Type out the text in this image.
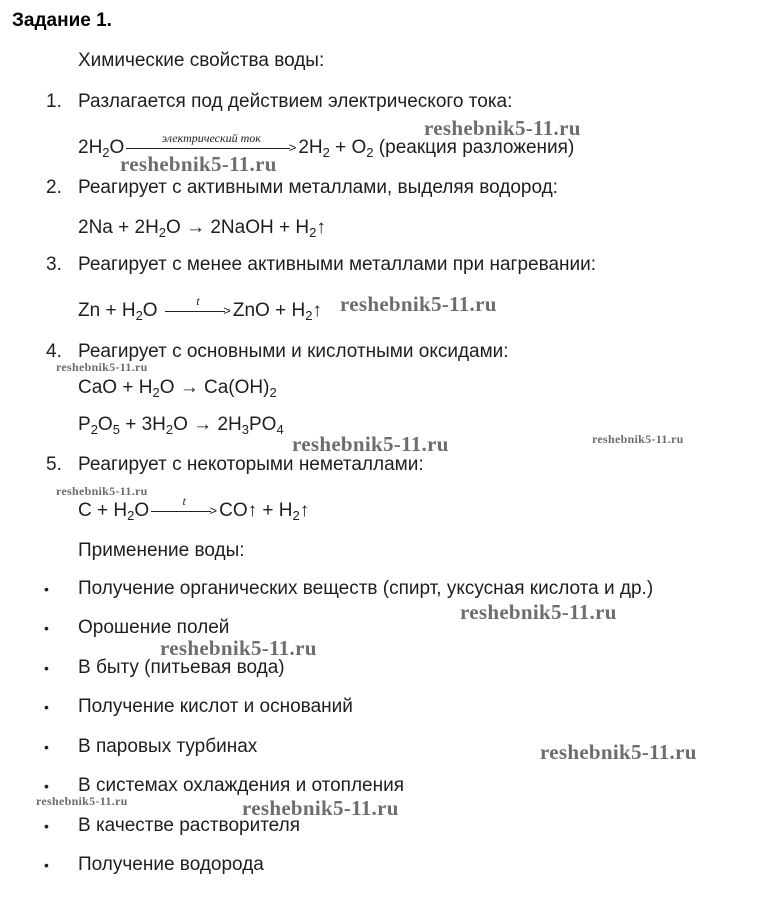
Задание 1.
Химические свойства воды:
1. Разлагается под действием электрического тока:
$2H_2O$	электрический ток
> $2H_2 + O_2$ (реакция разложения)
2. Реагирует с активными металлами, выделяя водород:
$2Na + 2H_2O$ → 2NaOH + $H_2↑$
3. Реагирует с менее активными металлами при нагревании:
$Zn + H_2O$	t
> ZnO + $H_2↑$
4. Реагирует с основными и кислотными оксидами:
CaO + $H_2O \to Ca(OH)_2$
$P_2O_5 + 3H_2O \to 2H_3PO_4$
5. Реагирует с некоторыми неметаллами:
$C + H_2O$	t
> CO↑ + $H_2↑$
Применение воды:
• Получение органических веществ (спирт, уксусная кислота и др.)
• Орошение полей
• В быту (питьевая вода)
• Получение кислот и оснований
• В паровых турбинах
• В системах охлаждения и отопления
• В качестве растворителя
• Получение водорода
reshebnik5-11.ru
reshebnik5-11.ru
reshebnik5-11.ru
reshebnik5-11.ru
reshebnik5-11.ru	reshebnik5-11.ru
reshebnik5-11.ru
reshebnik5-11.ru
reshebnik5-11.ru
reshebnik5-11.ru
reshebnik5-11.ru	reshebnik5-11.ru
